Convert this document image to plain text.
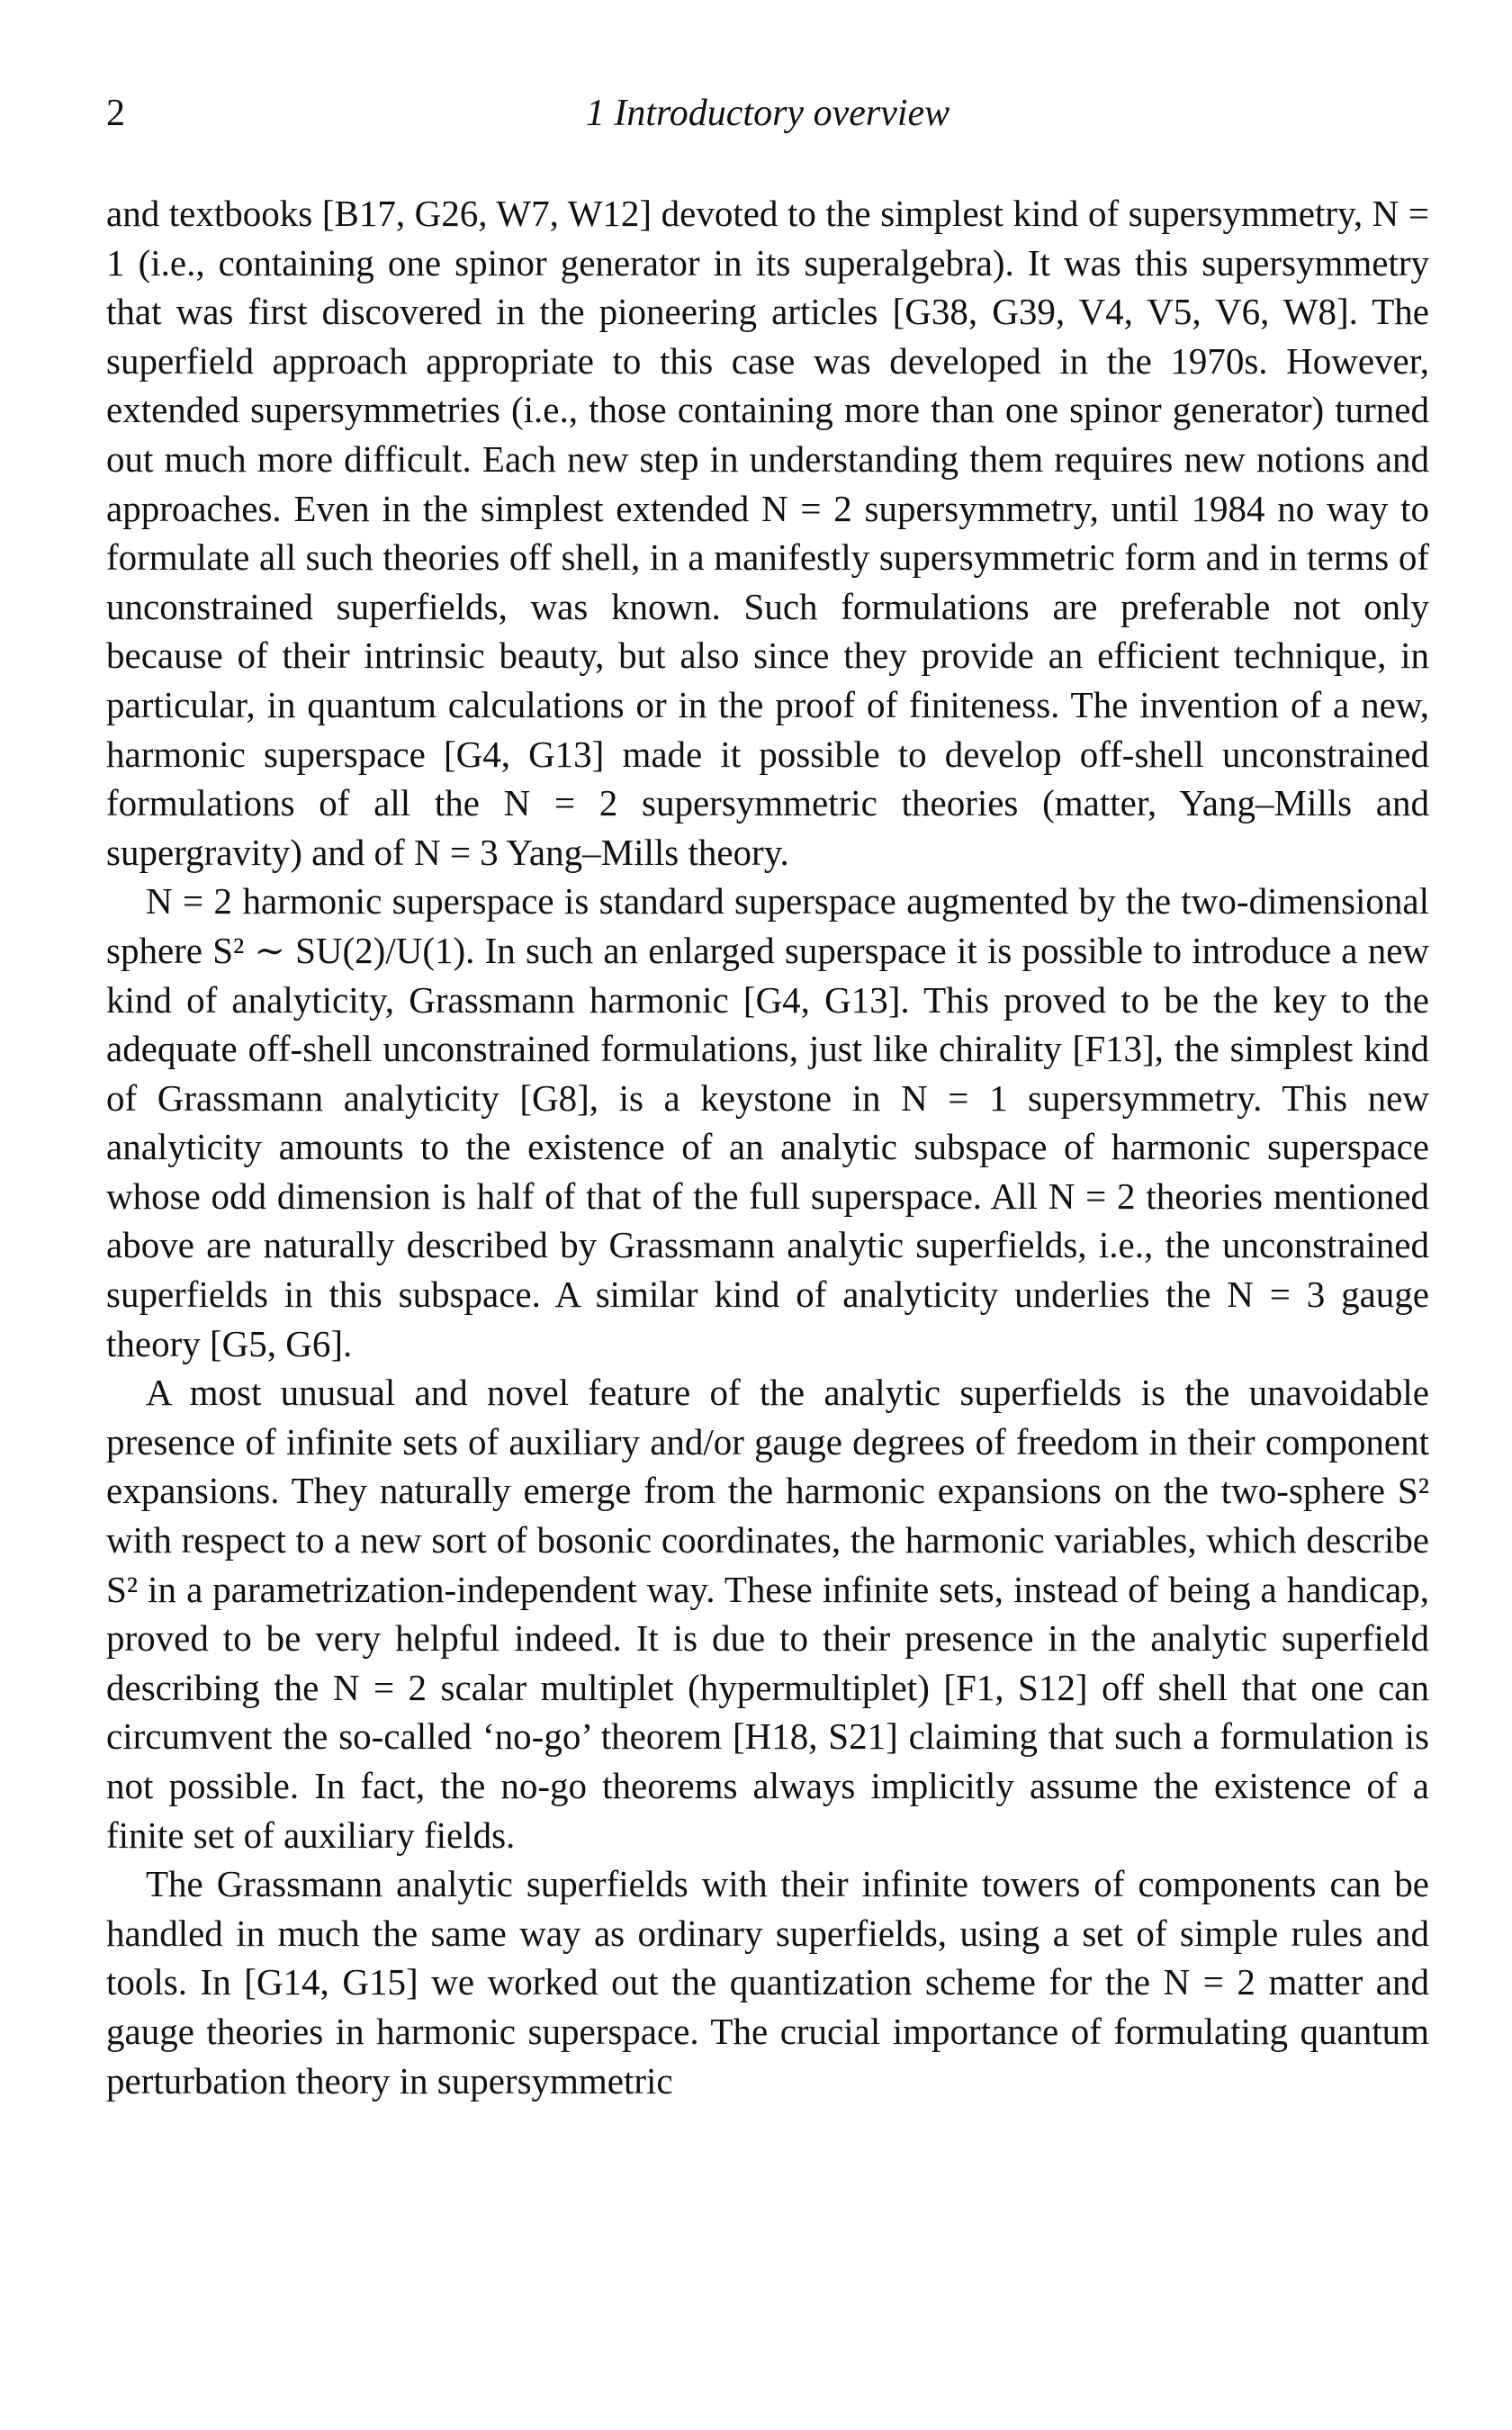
2	1 Introductory overview

and textbooks [B17, G26, W7, W12] devoted to the simplest kind of supersymmetry, N = 1 (i.e., containing one spinor generator in its superalgebra). It was this supersymmetry that was first discovered in the pioneering articles [G38, G39, V4, V5, V6, W8]. The superfield approach appropriate to this case was developed in the 1970s. However, extended supersymmetries (i.e., those containing more than one spinor generator) turned out much more difficult. Each new step in understanding them requires new notions and approaches. Even in the simplest extended N = 2 supersymmetry, until 1984 no way to formulate all such theories off shell, in a manifestly supersymmetric form and in terms of unconstrained superfields, was known. Such formulations are preferable not only because of their intrinsic beauty, but also since they provide an efficient technique, in particular, in quantum calculations or in the proof of finiteness. The invention of a new, harmonic superspace [G4, G13] made it possible to develop off-shell unconstrained formulations of all the N = 2 supersymmetric theories (matter, Yang–Mills and supergravity) and of N = 3 Yang–Mills theory.

N = 2 harmonic superspace is standard superspace augmented by the two-dimensional sphere S² ∼ SU(2)/U(1). In such an enlarged superspace it is possible to introduce a new kind of analyticity, Grassmann harmonic [G4, G13]. This proved to be the key to the adequate off-shell unconstrained formulations, just like chirality [F13], the simplest kind of Grassmann analyticity [G8], is a keystone in N = 1 supersymmetry. This new analyticity amounts to the existence of an analytic subspace of harmonic superspace whose odd dimension is half of that of the full superspace. All N = 2 theories mentioned above are naturally described by Grassmann analytic superfields, i.e., the unconstrained superfields in this subspace. A similar kind of analyticity underlies the N = 3 gauge theory [G5, G6].

A most unusual and novel feature of the analytic superfields is the unavoidable presence of infinite sets of auxiliary and/or gauge degrees of freedom in their component expansions. They naturally emerge from the harmonic expansions on the two-sphere S² with respect to a new sort of bosonic coordinates, the harmonic variables, which describe S² in a parametrization-independent way. These infinite sets, instead of being a handicap, proved to be very helpful indeed. It is due to their presence in the analytic superfield describing the N = 2 scalar multiplet (hypermultiplet) [F1, S12] off shell that one can circumvent the so-called ‘no-go’ theorem [H18, S21] claiming that such a formulation is not possible. In fact, the no-go theorems always implicitly assume the existence of a finite set of auxiliary fields.

The Grassmann analytic superfields with their infinite towers of components can be handled in much the same way as ordinary superfields, using a set of simple rules and tools. In [G14, G15] we worked out the quantization scheme for the N = 2 matter and gauge theories in harmonic superspace. The crucial importance of formulating quantum perturbation theory in supersymmetric
